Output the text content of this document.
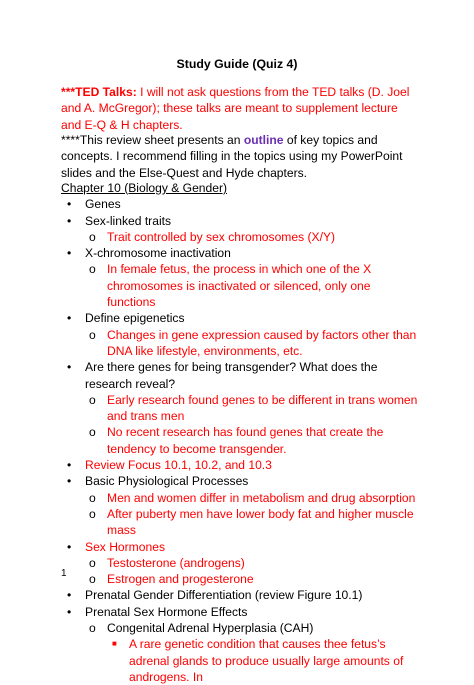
Study Guide (Quiz 4)
***TED Talks: I will not ask questions from the TED talks (D. Joel and A. McGregor); these talks are meant to supplement lecture and E-Q & H chapters.
****This review sheet presents an outline of key topics and concepts. I recommend filling in the topics using my PowerPoint slides and the Else-Quest and Hyde chapters.
Chapter 10 (Biology & Gender)
• Genes
• Sex-linked traits
o Trait controlled by sex chromosomes (X/Y)
• X-chromosome inactivation
o In female fetus, the process in which one of the X chromosomes is inactivated or silenced, only one functions
• Define epigenetics
o Changes in gene expression caused by factors other than DNA like lifestyle, environments, etc.
• Are there genes for being transgender? What does the research reveal?
o Early research found genes to be different in trans women and trans men
o No recent research has found genes that create the tendency to become transgender.
• Review Focus 10.1, 10.2, and 10.3
• Basic Physiological Processes
o Men and women differ in metabolism and drug absorption
o After puberty men have lower body fat and higher muscle mass
• Sex Hormones
o Testosterone (androgens)
o Estrogen and progesterone
• Prenatal Gender Differentiation (review Figure 10.1)
• Prenatal Sex Hormone Effects
o Congenital Adrenal Hyperplasia (CAH)
■ A rare genetic condition that causes thee fetus’s adrenal glands to produce usually large amounts of androgens. In
1
